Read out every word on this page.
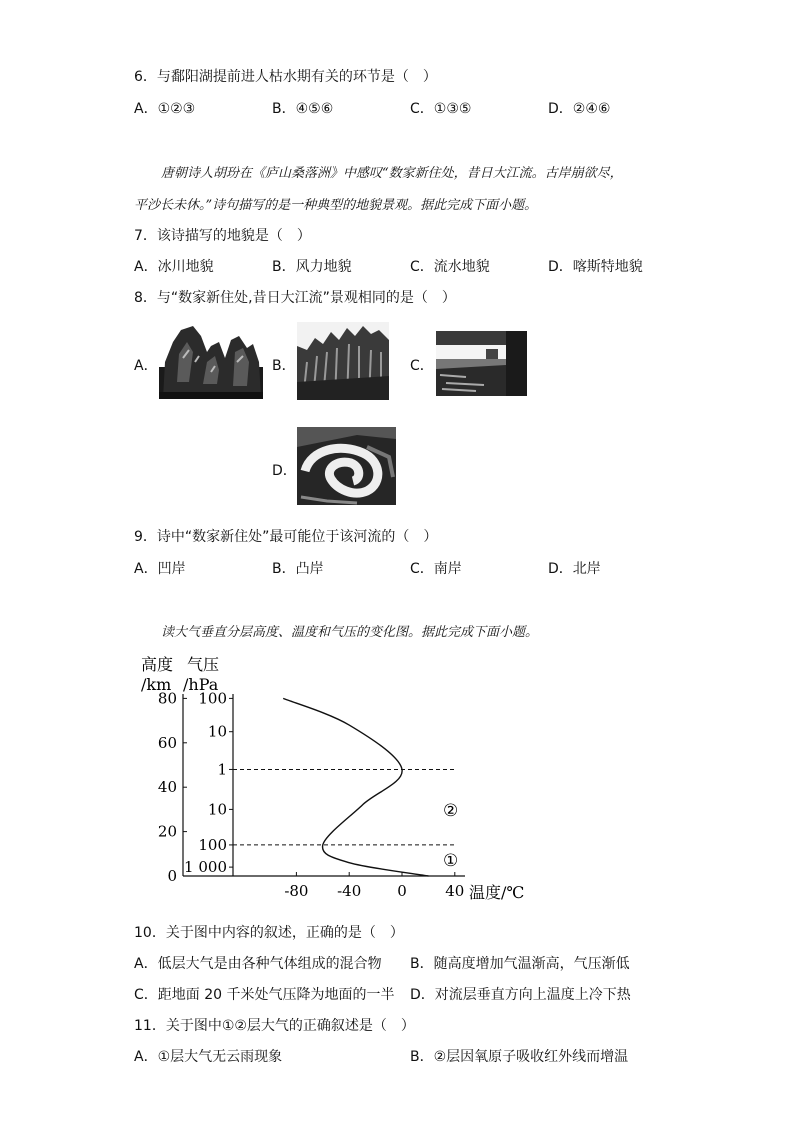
6．与鄱阳湖提前进人枯水期有关的环节是（　）
A．①②③	B．④⑤⑥	C．①③⑤	D．②④⑥
唐朝诗人胡玢在《庐山桑落洲》中感叹“数家新住处，昔日大江流。古岸崩欲尽，
平沙长未休。”诗句描写的是一种典型的地貌景观。据此完成下面小题。
7．该诗描写的地貌是（　）
A．冰川地貌	B．风力地貌	C．流水地貌	D．喀斯特地貌
8．与“数家新住处,昔日大江流”景观相同的是（　）
A．	B．	C．
D．
9．诗中“数家新住处”最可能位于该河流的（　）
A．凹岸	B．凸岸	C．南岸	D．北岸
读大气垂直分层高度、温度和气压的变化图。据此完成下面小题。
高度
/km
气压
/hPa
80
60
40
20
0
100
10
1
10
100
1 000
-80 -40 0	40 温度/℃
②
①
10．关于图中内容的叙述，正确的是（　）
A．低层大气是由各种气体组成的混合物 B．随高度增加气温渐高，气压渐低
C．距地面 20 千米处气压降为地面的一半 D．对流层垂直方向上温度上冷下热
11．关于图中①②层大气的正确叙述是（　）
A．①层大气无云雨现象	B．②层因氧原子吸收红外线而增温
